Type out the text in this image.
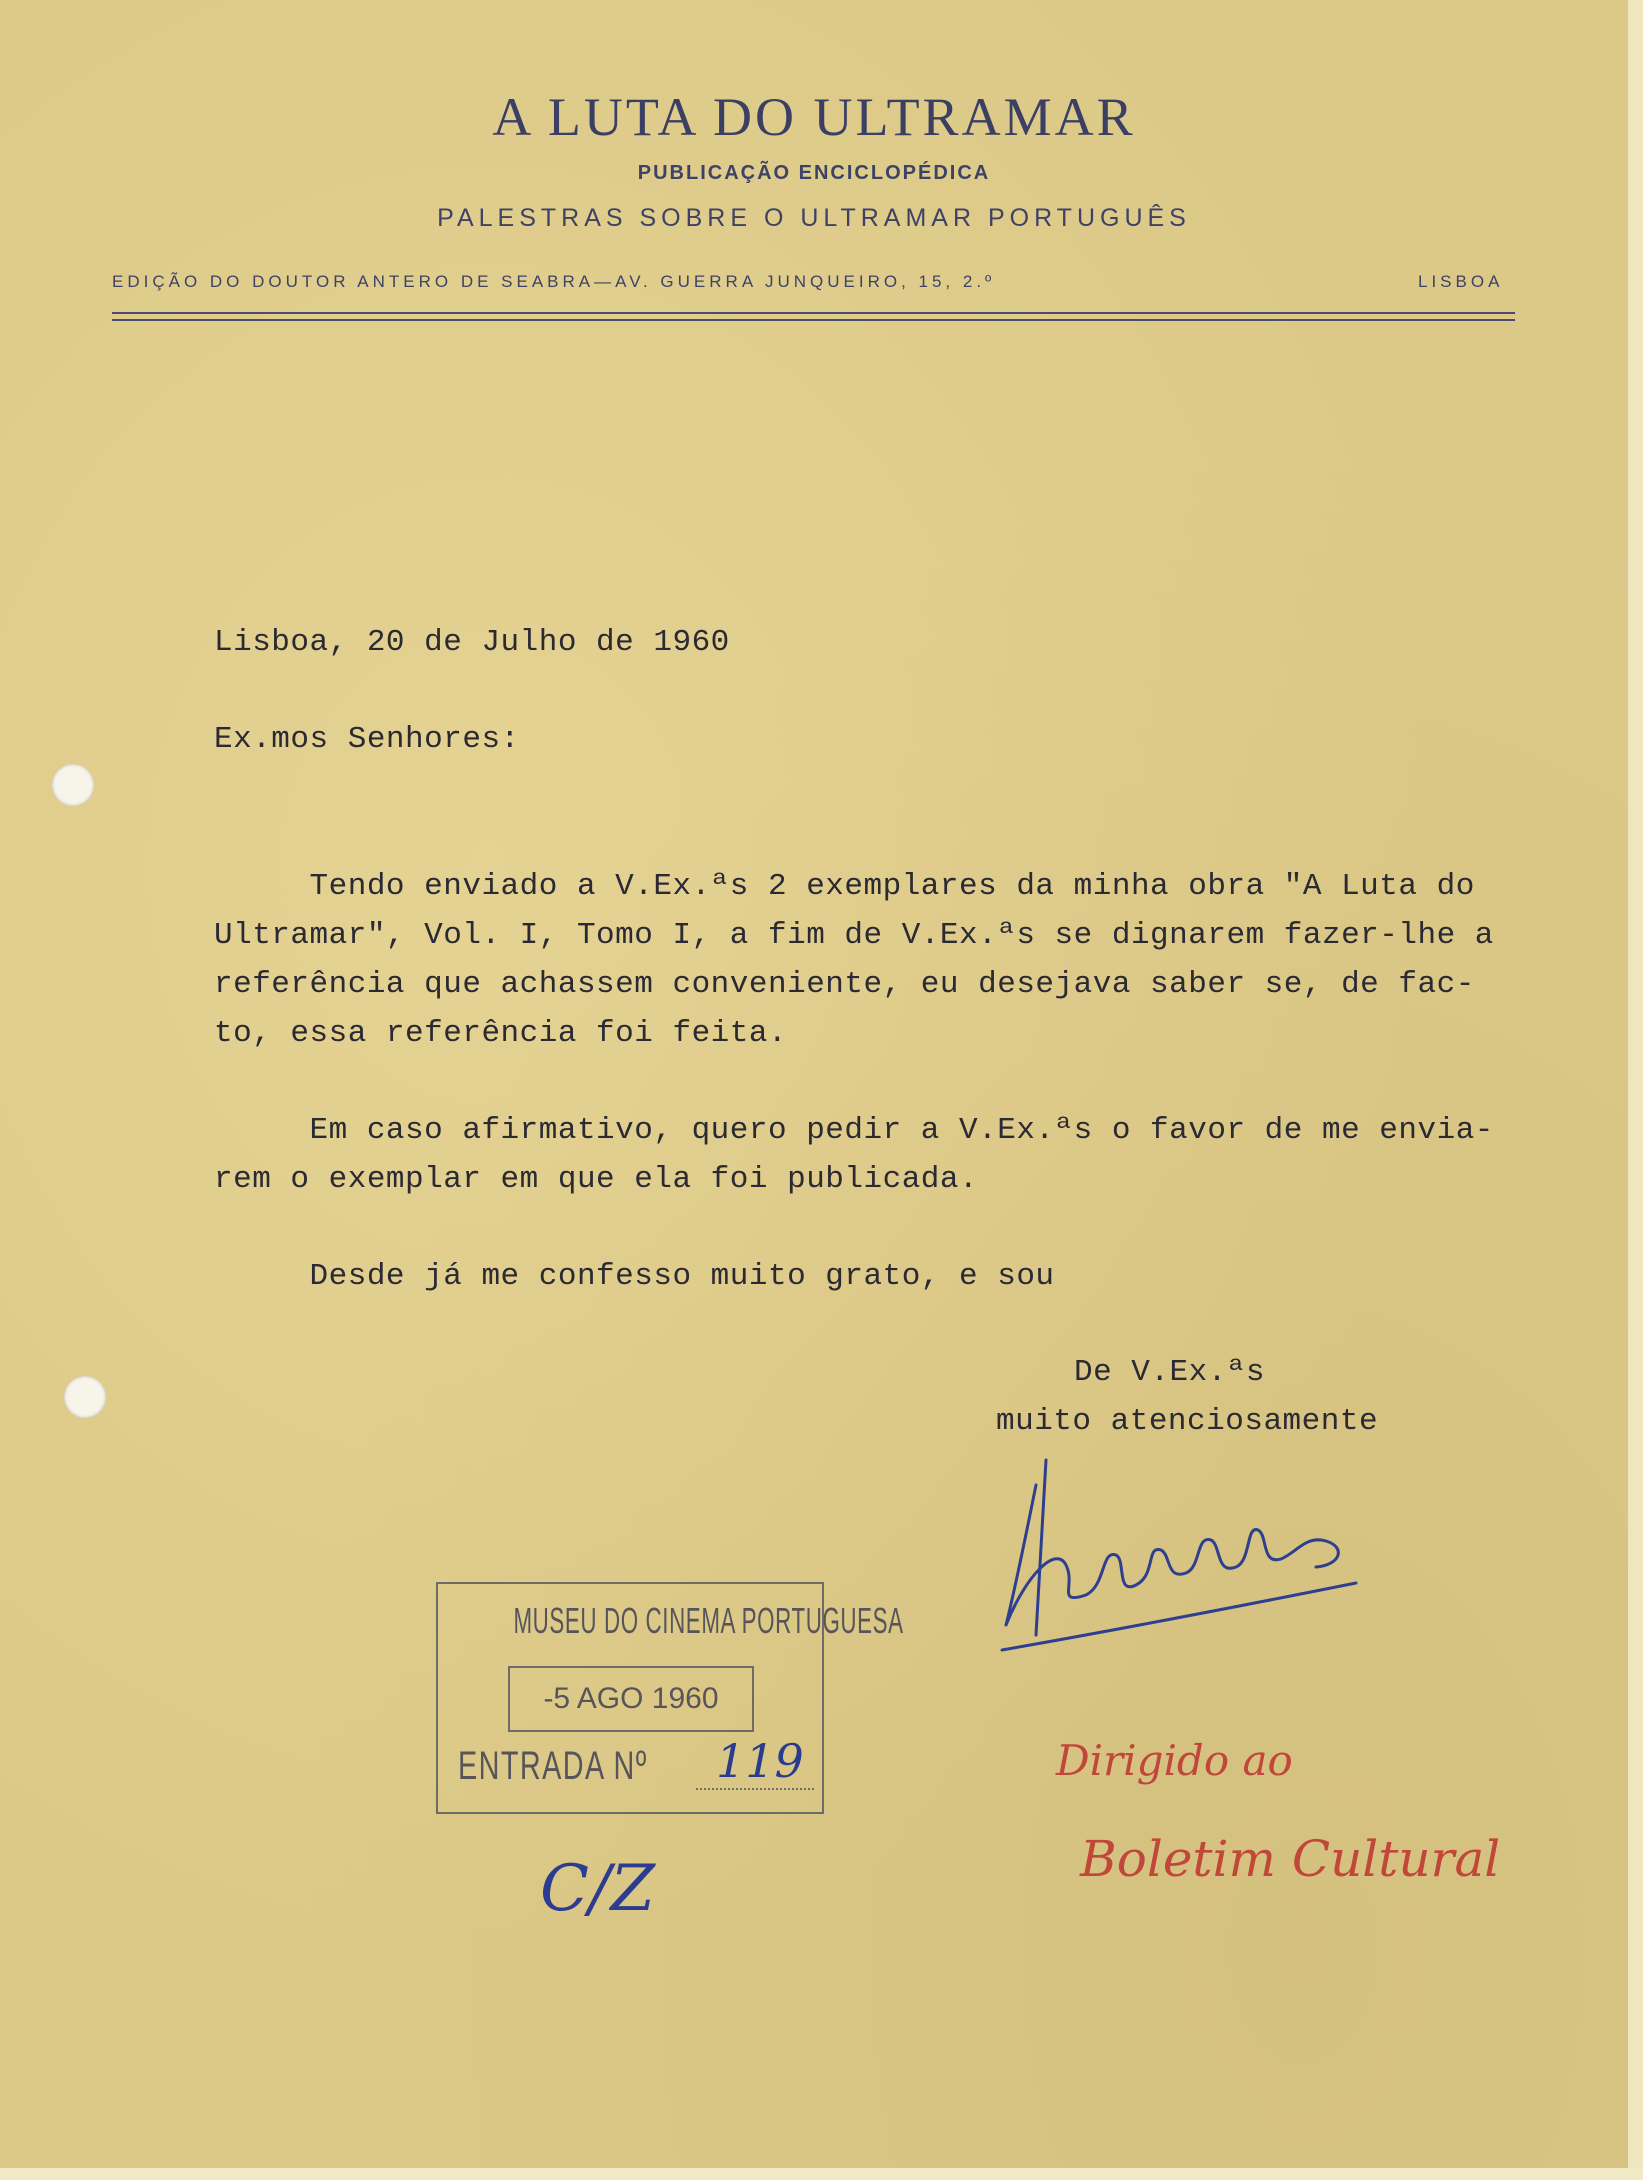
A LUTA DO ULTRAMAR
PUBLICAÇÃO ENCICLOPÉDICA
PALESTRAS SOBRE O ULTRAMAR PORTUGUÊS
EDIÇÃO DO DOUTOR ANTERO DE SEABRA—AV. GUERRA JUNQUEIRO, 15, 2.º	LISBOA
Lisboa, 20 de Julho de 1960
Ex.mos Senhores:
Tendo enviado a V.Ex.ªs 2 exemplares da minha obra "A Luta do
Ultramar", Vol. I, Tomo I, a fim de V.Ex.ªs se dignarem fazer-lhe a
referência que achassem conveniente, eu desejava saber se, de fac-
to, essa referência foi feita.
Em caso afirmativo, quero pedir a V.Ex.ªs o favor de me envia-
rem o exemplar em que ela foi publicada.
Desde já me confesso muito grato, e sou
De V.Ex.ªs
muito atenciosamente
MUSEU DO CINEMA PORTUGUESA
-5 AGO 1960
ENTRADA Nº 119
C/Z
Dirigido ao
Boletim Cultural
